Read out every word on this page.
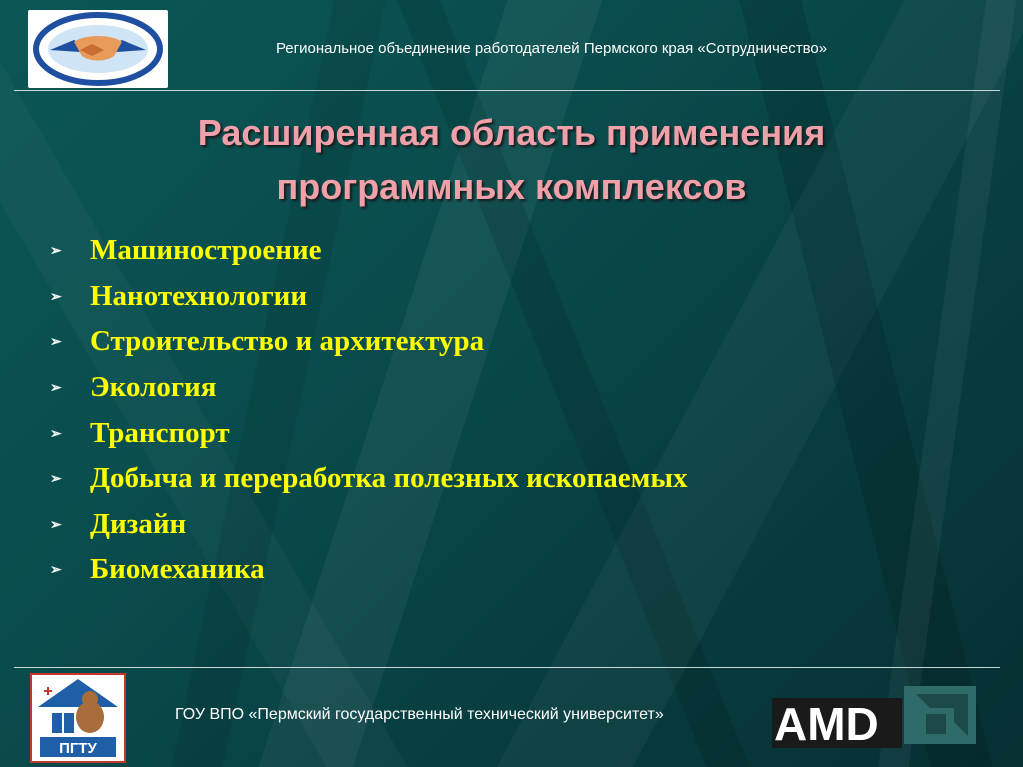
Региональное объединение работодателей Пермского края «Сотрудничество»
Расширенная область применения
программных комплексов
➢ Машиностроение
➢ Нанотехнологии
➢ Строительство и архитектура
➢ Экология
➢ Транспорт
➢ Добыча и переработка полезных ископаемых
➢ Дизайн
➢ Биомеханика
ПГТУ
ГОУ ВПО «Пермский государственный технический университет» AMD
